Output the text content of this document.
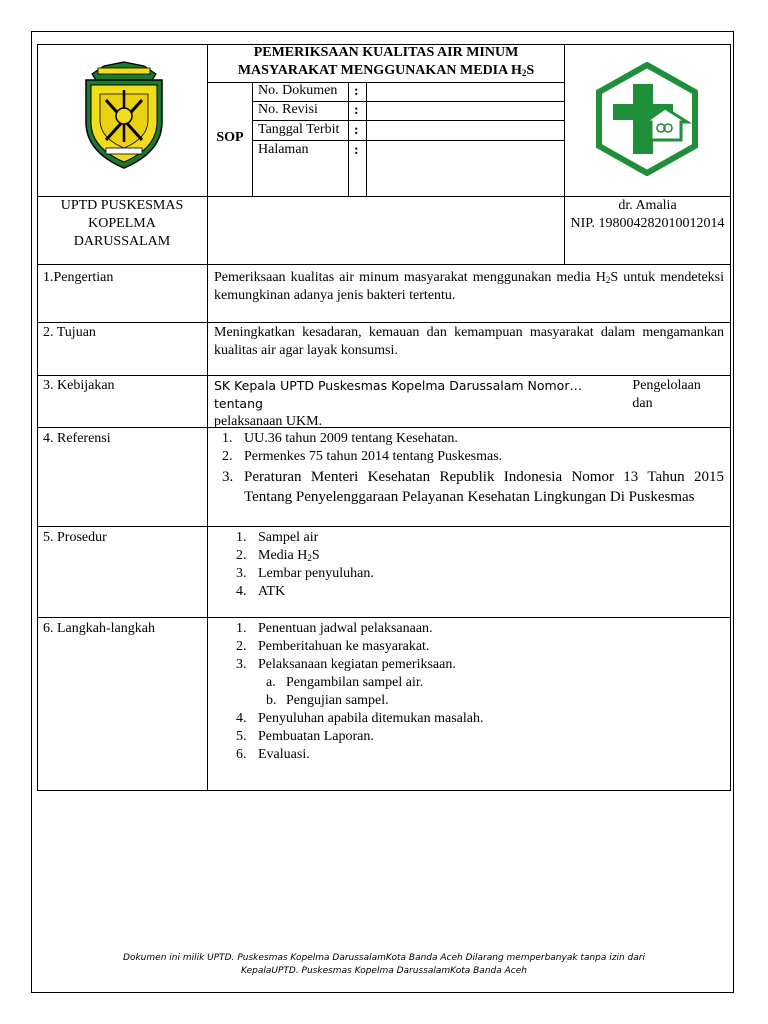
PEMERIKSAAN KUALITAS AIR MINUM
MASYARAKAT MENGGUNAKAN MEDIA $H_2S$
SOP
No. Dokumen :
No. Revisi	:
Tanggal Terbit :
Halaman	:
UPTD PUSKESMAS
KOPELMA
DARUSSALAM
dr. Amalia
NIP. 198004282010012014
1.Pengertian	Pemeriksaan kualitas air minum masyarakat menggunakan media $H_2S$ untuk mendeteksi kemungkinan adanya jenis bakteri tertentu.
2. Tujuan	Meningkatkan kesadaran, kemauan dan kemampuan masyarakat dalam mengamankan kualitas air agar layak konsumsi.
3. Kebijakan	SK Kepala UPTD Puskesmas Kopelma Darussalam Nomor… tentang
Pengelolaan dan
pelaksanaan UKM.
4. Referensi	1. UU.36 tahun 2009 tentang Kesehatan.
2. Permenkes 75 tahun 2014 tentang Puskesmas.
3. Peraturan Menteri Kesehatan Republik Indonesia Nomor 13 Tahun 2015 Tentang Penyelenggaraan Pelayanan Kesehatan Lingkungan Di Puskesmas
5. Prosedur	1. Sampel air
2. Media $H_2S$
3. Lembar penyuluhan.
4. ATK
6. Langkah-langkah	1. Penentuan jadwal pelaksanaan.
2. Pemberitahuan ke masyarakat.
3. Pelaksanaan kegiatan pemeriksaan.
a. Pengambilan sampel air.
b. Pengujian sampel.
4. Penyuluhan apabila ditemukan masalah.
5. Pembuatan Laporan.
6. Evaluasi.
Dokumen ini milik UPTD. Puskesmas Kopelma DarussalamKota Banda Aceh Dilarang memperbanyak tanpa izin dari
KepalaUPTD. Puskesmas Kopelma DarussalamKota Banda Aceh
